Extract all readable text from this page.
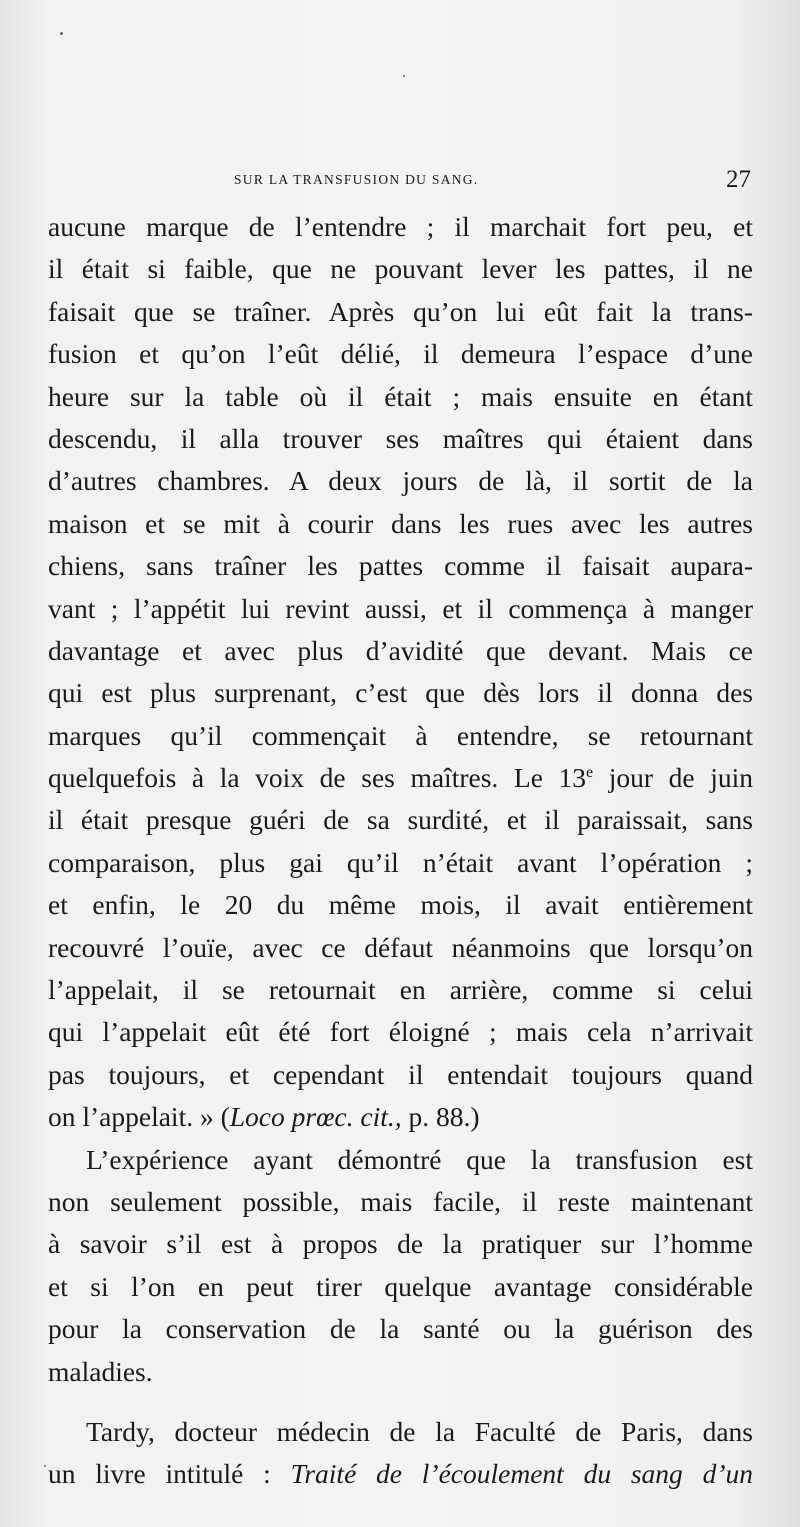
SUR LA TRANSFUSION DU SANG.	27
aucune marque de l’entendre ; il marchait fort peu, et
il était si faible, que ne pouvant lever les pattes, il ne
faisait que se traîner. Après qu’on lui eût fait la trans-
fusion et qu’on l’eût délié, il demeura l’espace d’une
heure sur la table où il était ; mais ensuite en étant
descendu, il alla trouver ses maîtres qui étaient dans
d’autres chambres. A deux jours de là, il sortit de la
maison et se mit à courir dans les rues avec les autres
chiens, sans traîner les pattes comme il faisait aupara-
vant ; l’appétit lui revint aussi, et il commença à manger
davantage et avec plus d’avidité que devant. Mais ce
qui est plus surprenant, c’est que dès lors il donna des
marques qu’il commençait à entendre, se retournant
quelquefois à la voix de ses maîtres. Le 13e jour de juin
il était presque guéri de sa surdité, et il paraissait, sans
comparaison, plus gai qu’il n’était avant l’opération ;
et enfin, le 20 du même mois, il avait entièrement
recouvré l’ouïe, avec ce défaut néanmoins que lorsqu’on
l’appelait, il se retournait en arrière, comme si celui
qui l’appelait eût été fort éloigné ; mais cela n’arrivait
pas toujours, et cependant il entendait toujours quand
on l’appelait. » (Loco prœc. cit., p. 88.)
L’expérience ayant démontré que la transfusion est
non seulement possible, mais facile, il reste maintenant
à savoir s’il est à propos de la pratiquer sur l’homme
et si l’on en peut tirer quelque avantage considérable
pour la conservation de la santé ou la guérison des
maladies.
Tardy, docteur médecin de la Faculté de Paris, dans
un livre intitulé : Traité de l’écoulement du sang d’un
